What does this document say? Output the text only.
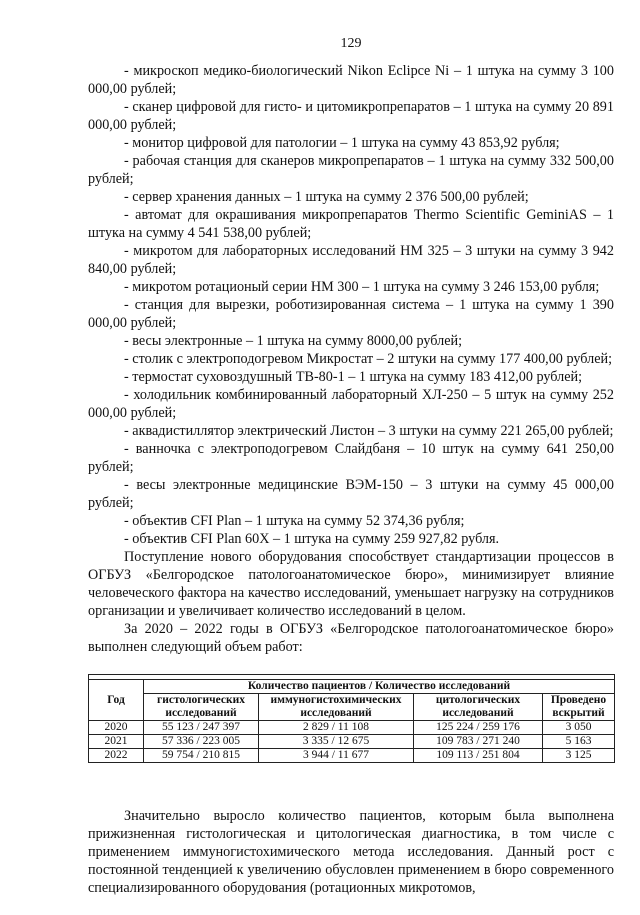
129

- микроскоп медико-биологический Nikon Eclipce Ni – 1 штука на сумму 3 100 000,00 рублей;

- сканер цифровой для гисто- и цитомикропрепаратов – 1 штука на сумму 20 891 000,00 рублей;

- монитор цифровой для патологии – 1 штука на сумму 43 853,92 рубля;

- рабочая станция для сканеров микропрепаратов – 1 штука на сумму 332 500,00 рублей;

- сервер хранения данных – 1 штука на сумму 2 376 500,00 рублей;

- автомат для окрашивания микропрепаратов Thermo Scientific GeminiAS – 1 штука на сумму 4 541 538,00 рублей;

- микротом для лабораторных исследований НМ 325 – 3 штуки на сумму 3 942 840,00 рублей;

- микротом ротационый серии НМ 300 – 1 штука на сумму 3 246 153,00 рубля;

- станция для вырезки, роботизированная система – 1 штука на сумму 1 390 000,00 рублей;

- весы электронные – 1 штука на сумму 8000,00 рублей;

- столик с электроподогревом Микростат – 2 штуки на сумму 177 400,00 рублей;

- термостат суховоздушный ТВ-80-1 – 1 штука на сумму 183 412,00 рублей;

- холодильник комбинированный лабораторный ХЛ-250 – 5 штук на сумму 252 000,00 рублей;

- аквадистиллятор электрический Листон – 3 штуки на сумму 221 265,00 рублей;

- ванночка с электроподогревом Слайдбаня – 10 штук на сумму 641 250,00 рублей;

- весы электронные медицинские ВЭМ-150 – 3 штуки на сумму 45 000,00 рублей;

- объектив CFI Plan – 1 штука на сумму 52 374,36 рубля;

- объектив CFI Plan 60X – 1 штука на сумму 259 927,82 рубля.

Поступление нового оборудования способствует стандартизации процессов в ОГБУЗ «Белгородское патологоанатомическое бюро», минимизирует влияние человеческого фактора на качество исследований, уменьшает нагрузку на сотрудников организации и увеличивает количество исследований в целом.

За 2020 – 2022 годы в ОГБУЗ «Белгородское патологоанатомическое бюро» выполнен следующий объем работ:

Год	Количество пациентов / Количество исследований			
	гистологических исследований	иммуногистохимических исследований	цитологических исследований	Проведено вскрытий
2020	55 123 / 247 397	2 829 / 11 108	125 224 / 259 176	3 050
2021	57 336 / 223 005	3 335 / 12 675	109 783 / 271 240	5 163
2022	59 754 / 210 815	3 944 / 11 677	109 113 / 251 804	3 125

Значительно выросло количество пациентов, которым была выполнена прижизненная гистологическая и цитологическая диагностика, в том числе с применением иммуногистохимического метода исследования. Данный рост с постоянной тенденцией к увеличению обусловлен применением в бюро современного специализированного оборудования (ротационных микротомов,
